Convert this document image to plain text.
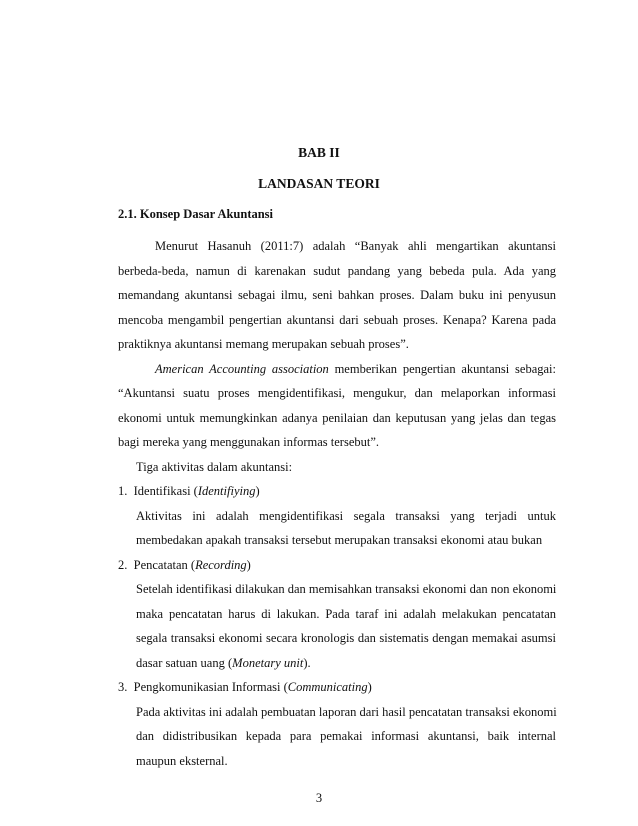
BAB II
LANDASAN TEORI
2.1. Konsep Dasar Akuntansi

Menurut Hasanuh (2011:7) adalah “Banyak ahli mengartikan akuntansi

berbeda-beda, namun di karenakan sudut pandang yang bebeda pula. Ada yang

memandang akuntansi sebagai ilmu, seni bahkan proses. Dalam buku ini penyusun

mencoba mengambil pengertian akuntansi dari sebuah proses. Kenapa? Karena pada

praktiknya akuntansi memang merupakan sebuah proses”.

American Accounting association memberikan pengertian akuntansi sebagai:

“Akuntansi suatu proses mengidentifikasi, mengukur, dan melaporkan informasi

ekonomi untuk memungkinkan adanya penilaian dan keputusan yang jelas dan tegas

bagi mereka yang menggunakan informas tersebut”.

Tiga aktivitas dalam akuntansi:

1. Identifikasi (Identifiying)

Aktivitas ini adalah mengidentifikasi segala transaksi yang terjadi untuk

membedakan apakah transaksi tersebut merupakan transaksi ekonomi atau bukan

2. Pencatatan (Recording)

Setelah identifikasi dilakukan dan memisahkan transaksi ekonomi dan non ekonomi

maka pencatatan harus di lakukan. Pada taraf ini adalah melakukan pencatatan

segala transaksi ekonomi secara kronologis dan sistematis dengan memakai asumsi

dasar satuan uang (Monetary unit).

3. Pengkomunikasian Informasi (Communicating)

Pada aktivitas ini adalah pembuatan laporan dari hasil pencatatan transaksi ekonomi

dan didistribusikan kepada para pemakai informasi akuntansi, baik internal

maupun eksternal.

3
